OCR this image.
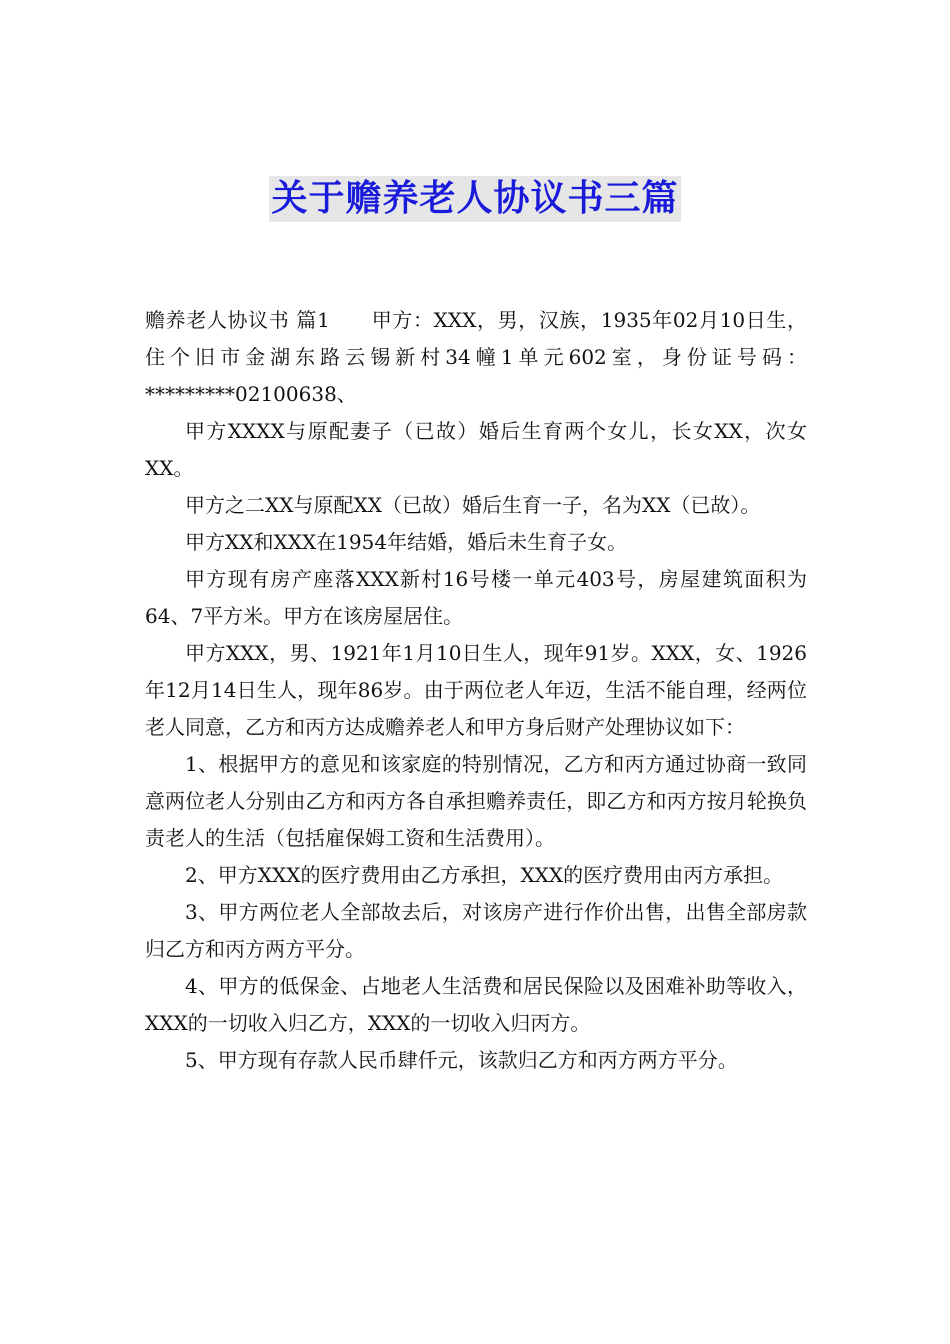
关于赡养老人协议书三篇

赡养老人协议书 篇1　　甲方：XXX，男，汉族，1935年02月10日生，住个旧市金湖东路云锡新村34幢1单元602室，身份证号码：*********02100638、

甲方XXXX与原配妻子（已故）婚后生育两个女儿，长女XX，次女XX。

甲方之二XX与原配XX（已故）婚后生育一子，名为XX（已故）。

甲方XX和XXX在1954年结婚，婚后未生育子女。

甲方现有房产座落XXX新村16号楼一单元403号，房屋建筑面积为64、7平方米。甲方在该房屋居住。

甲方XXX，男、1921年1月10日生人，现年91岁。XXX，女、1926年12月14日生人，现年86岁。由于两位老人年迈，生活不能自理，经两位老人同意，乙方和丙方达成赡养老人和甲方身后财产处理协议如下：

1、根据甲方的意见和该家庭的特别情况，乙方和丙方通过协商一致同意两位老人分别由乙方和丙方各自承担赡养责任，即乙方和丙方按月轮换负责老人的生活（包括雇保姆工资和生活费用）。

2、甲方XXX的医疗费用由乙方承担，XXX的医疗费用由丙方承担。

3、甲方两位老人全部故去后，对该房产进行作价出售，出售全部房款归乙方和丙方两方平分。

4、甲方的低保金、占地老人生活费和居民保险以及困难补助等收入，XXX的一切收入归乙方，XXX的一切收入归丙方。

5、甲方现有存款人民币肆仟元，该款归乙方和丙方两方平分。
